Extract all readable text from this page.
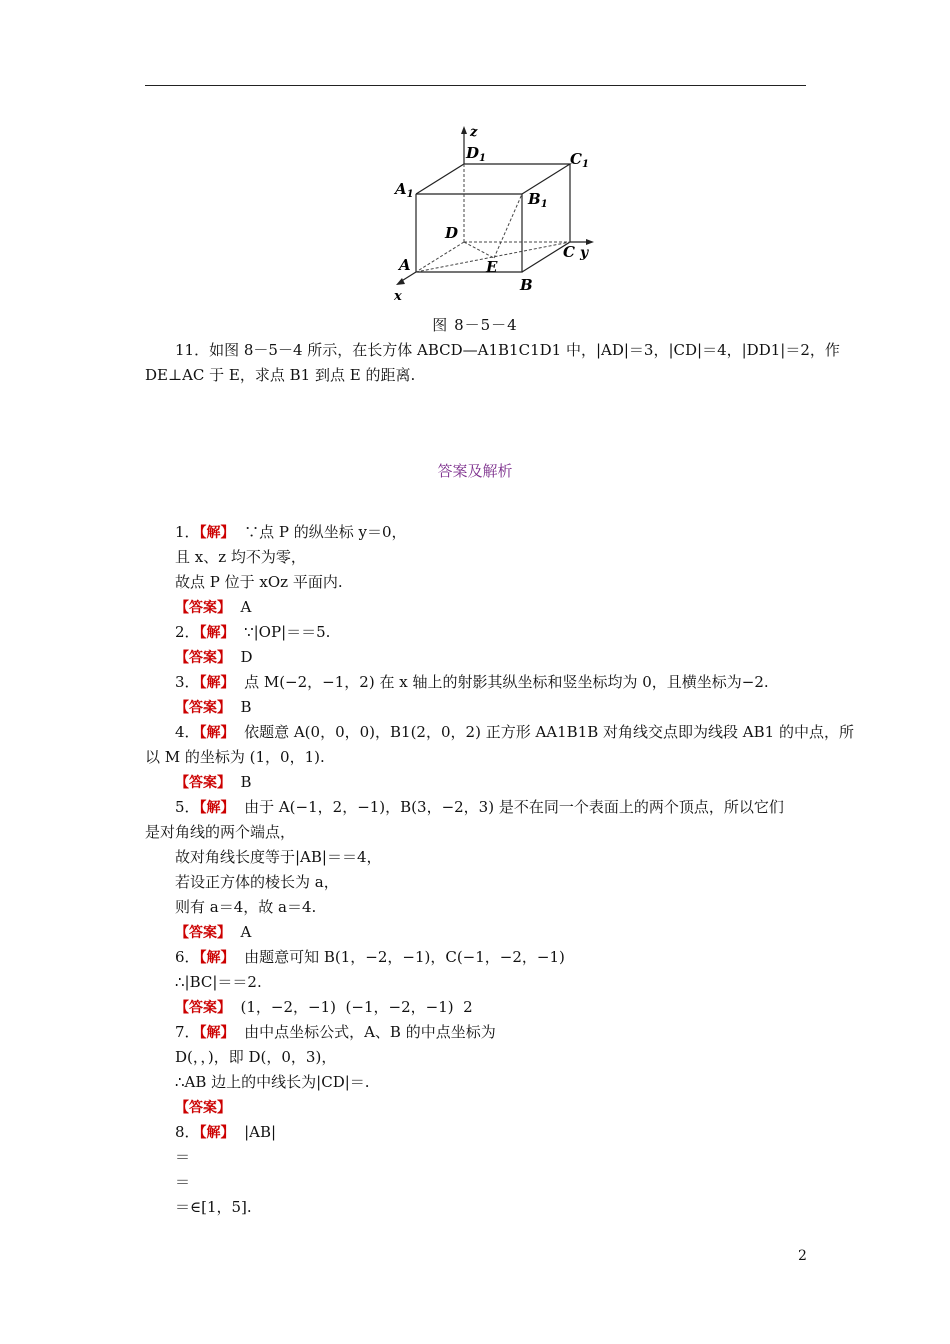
z
y
x
$D_1$	$C_1$
$A_1$	$B_1$
D
A	E
C
B
图 8－5－4
11．如图 8－5－4 所示，在长方体 ABCD—A1B1C1D1 中，|AD|＝3，|CD|＝4，|DD1|＝2，作
DE⊥AC 于 E，求点 B1 到点 E 的距离.
答案及解析
1．【解】  ∵点 P 的纵坐标 y＝0，
且 x、z 均不为零，
故点 P 位于 xOz 平面内.
【答案】  A
2．【解】  ∵|OP|＝＝5.
【答案】  D
3．【解】  点 M(−2，−1，2) 在 x 轴上的射影其纵坐标和竖坐标均为 0，且横坐标为−2.
【答案】  B
4．【解】  依题意 A(0，0，0)，B1(2，0，2) 正方形 AA1B1B 对角线交点即为线段 AB1 的中点，所
以 M 的坐标为 (1，0，1).
【答案】  B
5．【解】  由于 A(−1，2，−1)，B(3，−2，3) 是不在同一个表面上的两个顶点，所以它们
是对角线的两个端点，
故对角线长度等于|AB|＝＝4，
若设正方体的棱长为 a，
则有 a＝4，故 a＝4.
【答案】  A
6．【解】  由题意可知 B(1，−2，−1)，C(−1，−2，−1)
∴|BC|＝＝2.
【答案】  (1，−2，−1)  (−1，−2，−1)  2
7．【解】  由中点坐标公式，A、B 的中点坐标为
D(，，)，即 D(，0，3)，
∴AB 边上的中线长为|CD|＝.
【答案】
8．【解】  |AB|
＝
＝
＝∈[1，5].
2
